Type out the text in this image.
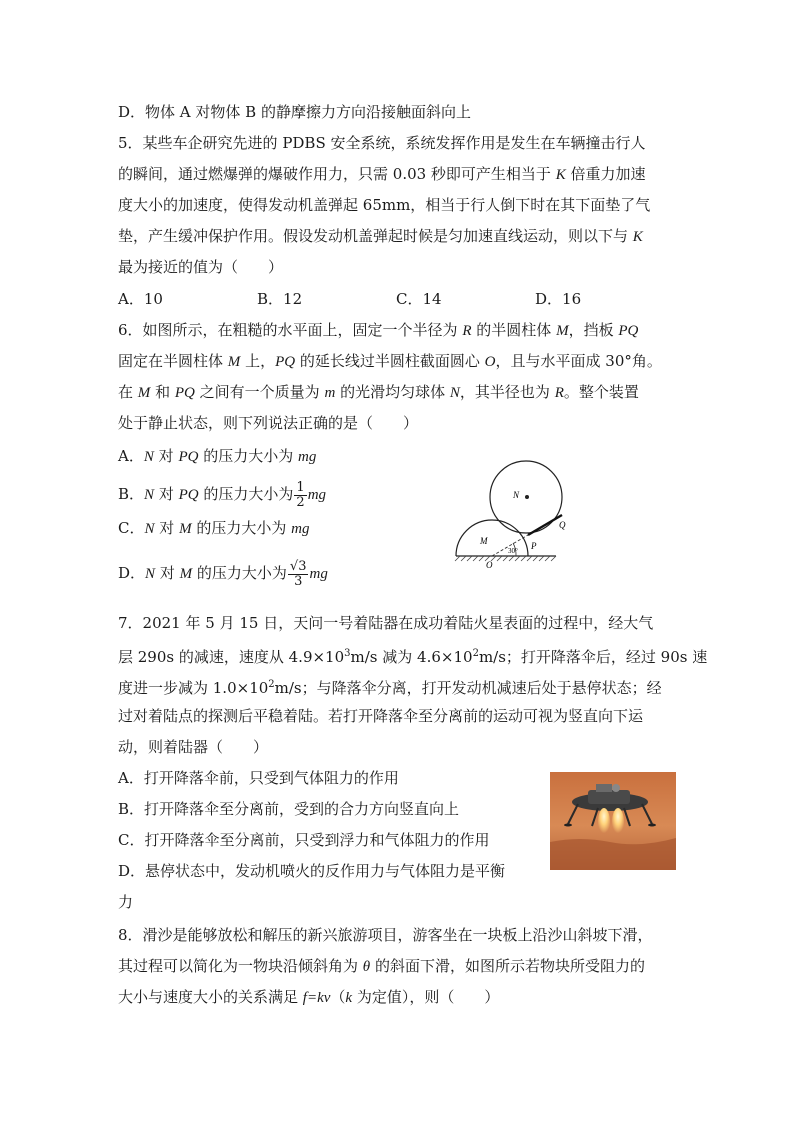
D．物体 A 对物体 B 的静摩擦力方向沿接触面斜向上
5．某些车企研究先进的 PDBS 安全系统，系统发挥作用是发生在车辆撞击行人
的瞬间，通过燃爆弹的爆破作用力，只需 0.03 秒即可产生相当于 K 倍重力加速
度大小的加速度，使得发动机盖弹起 65mm，相当于行人倒下时在其下面垫了气
垫，产生缓冲保护作用。假设发动机盖弹起时候是匀加速直线运动，则以下与 K
最为接近的值为（　　）
A．10	B．12	C．14	D．16
6．如图所示，在粗糙的水平面上，固定一个半径为 R 的半圆柱体 M，挡板 PQ
固定在半圆柱体 M 上，PQ 的延长线过半圆柱截面圆心 O，且与水平面成 30°角。
在 M 和 PQ 之间有一个质量为 m 的光滑均匀球体 N，其半径也为 R。整个装置
处于静止状态，则下列说法正确的是（　　）
A．N 对 PQ 的压力大小为 mg
B．N 对 PQ 的压力大小为 $\frac{1}{2}$ mg
C．N 对 M 的压力大小为 mg
D．N 对 M 的压力大小为 $\frac{√3}{3}$ mg
N
M
30° P
Q
O
7．2021 年 5 月 15 日，天问一号着陆器在成功着陆火星表面的过程中，经大气
层 290s 的减速，速度从 $4.9\times 10^3m/s$ 减为 $4.6\times 10^2m/s$；打开降落伞后，经过 90s 速
度进一步减为 $1.0\times 10^2m/s$；与降落伞分离，打开发动机减速后处于悬停状态；经
过对着陆点的探测后平稳着陆。若打开降落伞至分离前的运动可视为竖直向下运
动，则着陆器（　　）
A．打开降落伞前，只受到气体阻力的作用
B．打开降落伞至分离前，受到的合力方向竖直向上
C．打开降落伞至分离前，只受到浮力和气体阻力的作用
D．悬停状态中，发动机喷火的反作用力与气体阻力是平衡
力
8．滑沙是能够放松和解压的新兴旅游项目，游客坐在一块板上沿沙山斜坡下滑，
其过程可以简化为一物块沿倾斜角为 θ 的斜面下滑，如图所示若物块所受阻力的
大小与速度大小的关系满足 f=kv（k 为定值），则（　　）
